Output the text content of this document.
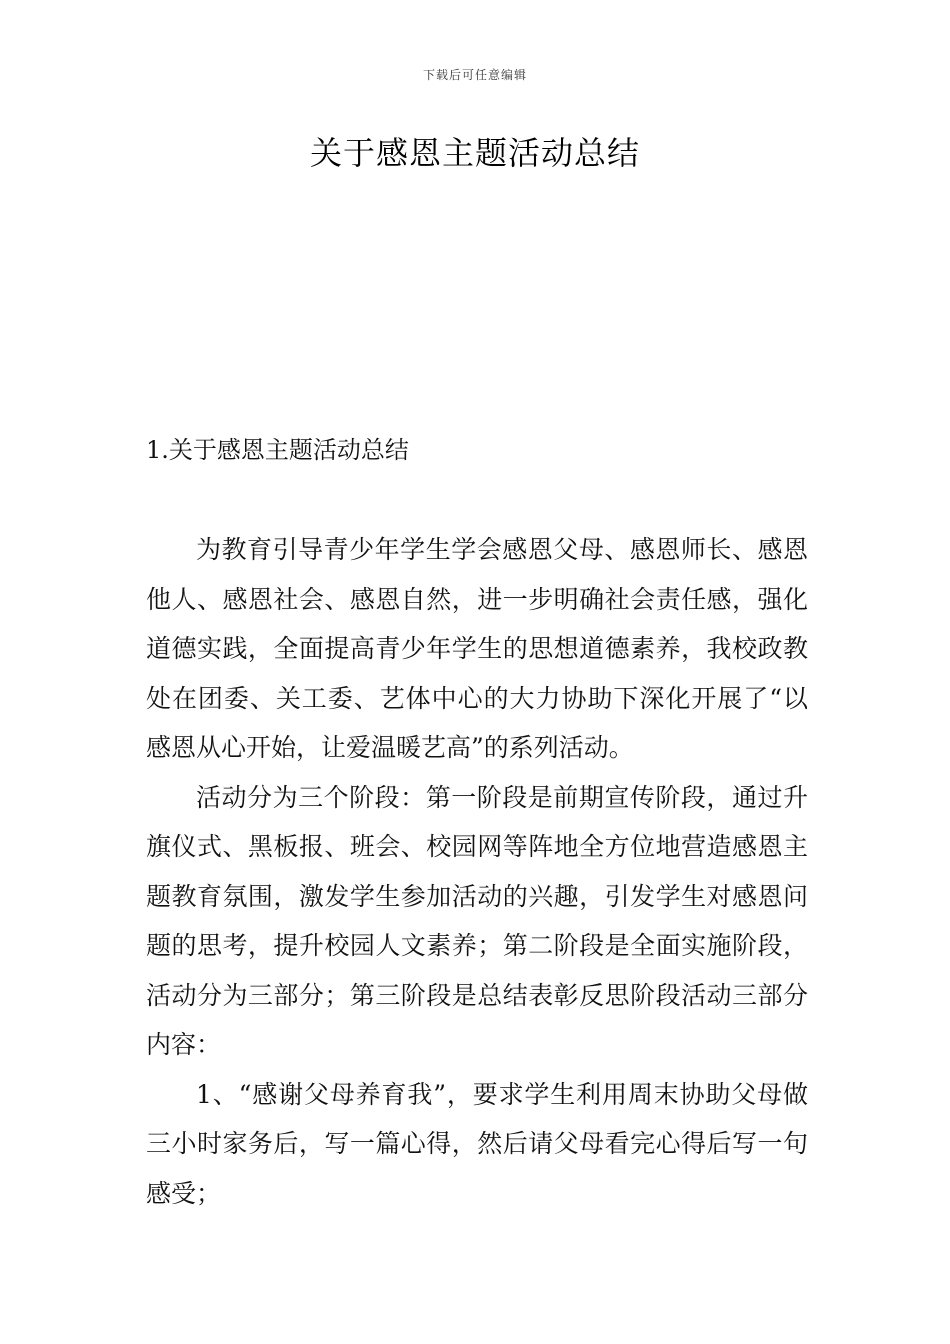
下载后可任意编辑
关于感恩主题活动总结
1.关于感恩主题活动总结

为教育引导青少年学生学会感恩父母、感恩师长、感恩他人、感恩社会、感恩自然，进一步明确社会责任感，强化道德实践，全面提高青少年学生的思想道德素养，我校政教处在团委、关工委、艺体中心的大力协助下深化开展了“以感恩从心开始，让爱温暖艺高”的系列活动。

活动分为三个阶段：第一阶段是前期宣传阶段，通过升旗仪式、黑板报、班会、校园网等阵地全方位地营造感恩主题教育氛围，激发学生参加活动的兴趣，引发学生对感恩问题的思考，提升校园人文素养；第二阶段是全面实施阶段，活动分为三部分；第三阶段是总结表彰反思阶段活动三部分内容：

1、“感谢父母养育我”，要求学生利用周末协助父母做三小时家务后，写一篇心得，然后请父母看完心得后写一句感受；
